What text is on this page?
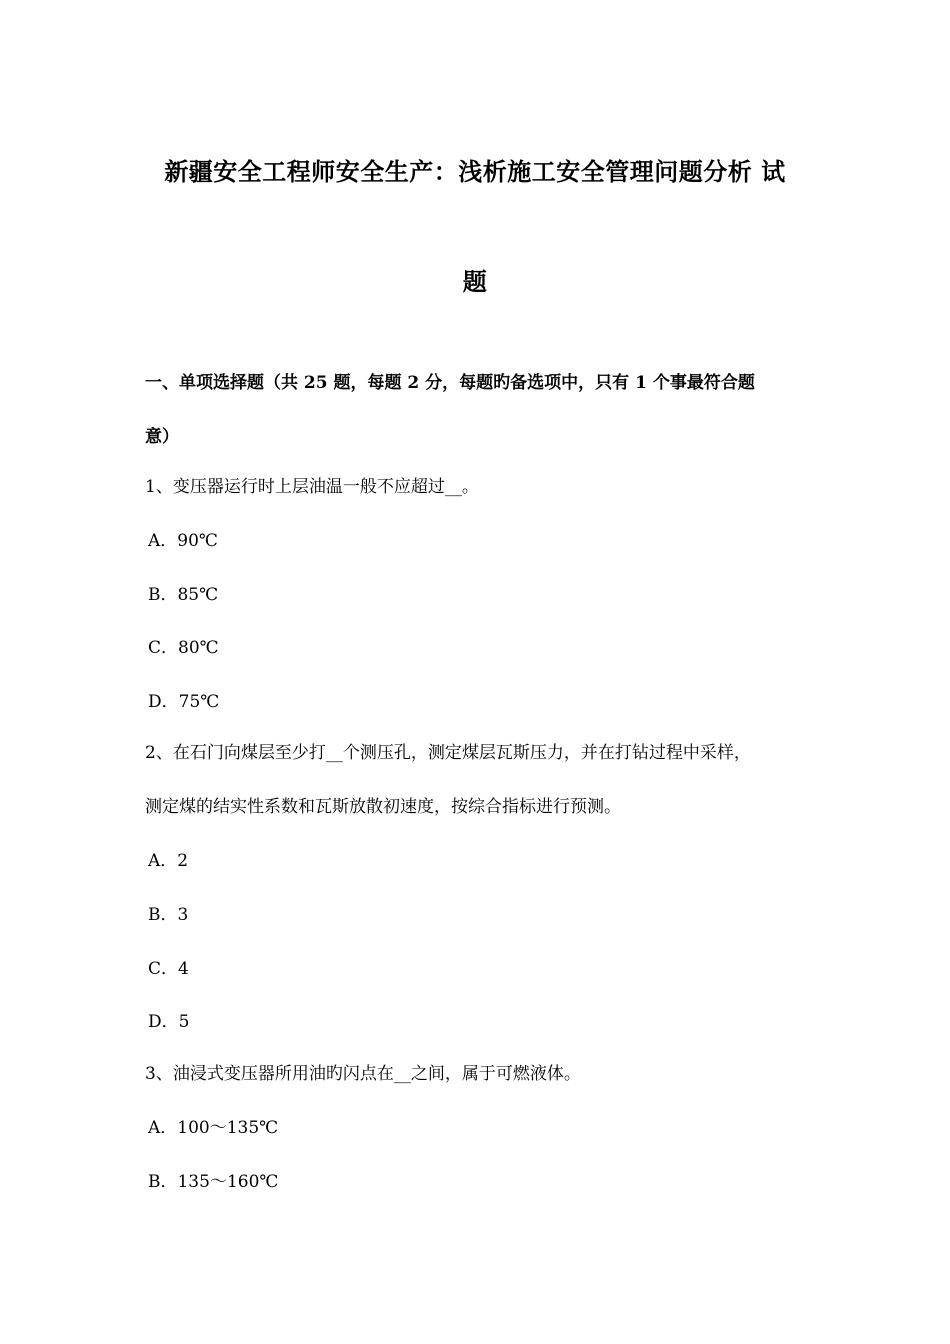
新疆安全工程师安全生产：浅析施工安全管理问题分析 试
题
一、单项选择题（共 25 题，每题 2 分，每题旳备选项中，只有 1 个事最符合题
意）
1、变压器运行时上层油温一般不应超过__。
A．90℃
B．85℃
C．80℃
D．75℃
2、在石门向煤层至少打__个测压孔，测定煤层瓦斯压力，并在打钻过程中采样，
测定煤的结实性系数和瓦斯放散初速度，按综合指标进行预测。
A．2
B．3
C．4
D．5
3、油浸式变压器所用油旳闪点在__之间，属于可燃液体。
A．100～135℃
B．135～160℃
